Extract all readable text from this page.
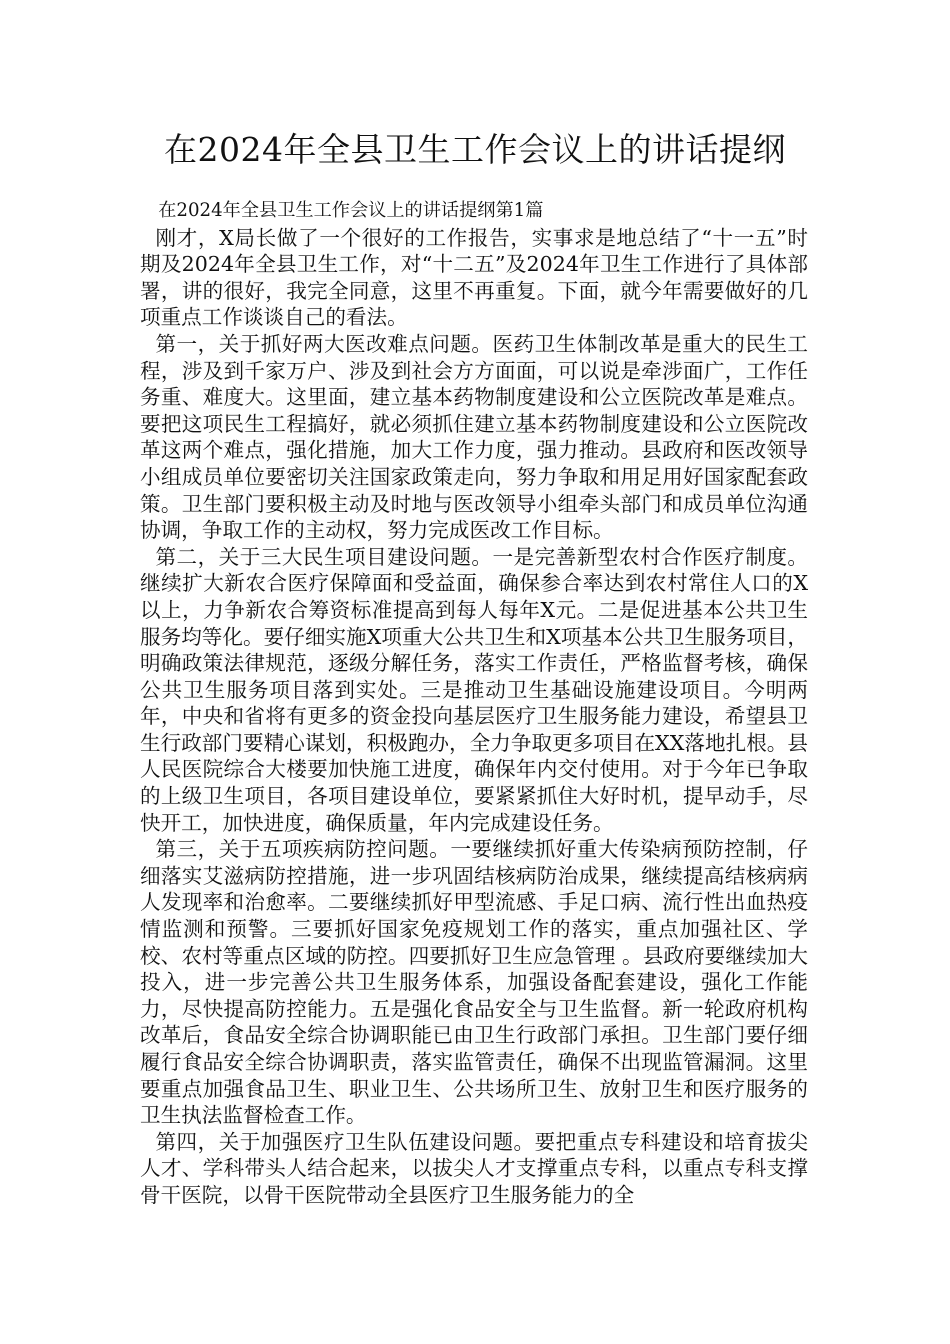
在2024年全县卫生工作会议上的讲话提纲

在2024年全县卫生工作会议上的讲话提纲第1篇

刚才，X局长做了一个很好的工作报告，实事求是地总结了“十一五”时期及2024年全县卫生工作，对“十二五”及2024年卫生工作进行了具体部署，讲的很好，我完全同意，这里不再重复。下面，就今年需要做好的几项重点工作谈谈自己的看法。

第一，关于抓好两大医改难点问题。医药卫生体制改革是重大的民生工程，涉及到千家万户、涉及到社会方方面面，可以说是牵涉面广，工作任务重、难度大。这里面，建立基本药物制度建设和公立医院改革是难点。要把这项民生工程搞好，就必须抓住建立基本药物制度建设和公立医院改革这两个难点，强化措施，加大工作力度，强力推动。县政府和医改领导小组成员单位要密切关注国家政策走向，努力争取和用足用好国家配套政策。卫生部门要积极主动及时地与医改领导小组牵头部门和成员单位沟通协调，争取工作的主动权，努力完成医改工作目标。

第二，关于三大民生项目建设问题。一是完善新型农村合作医疗制度。继续扩大新农合医疗保障面和受益面，确保参合率达到农村常住人口的X以上，力争新农合筹资标准提高到每人每年X元。二是促进基本公共卫生服务均等化。要仔细实施X项重大公共卫生和X项基本公共卫生服务项目，明确政策法律规范，逐级分解任务，落实工作责任，严格监督考核，确保公共卫生服务项目落到实处。三是推动卫生基础设施建设项目。今明两年，中央和省将有更多的资金投向基层医疗卫生服务能力建设，希望县卫生行政部门要精心谋划，积极跑办，全力争取更多项目在XX落地扎根。县人民医院综合大楼要加快施工进度，确保年内交付使用。对于今年已争取的上级卫生项目，各项目建设单位，要紧紧抓住大好时机，提早动手，尽快开工，加快进度，确保质量，年内完成建设任务。

第三，关于五项疾病防控问题。一要继续抓好重大传染病预防控制，仔细落实艾滋病防控措施，进一步巩固结核病防治成果，继续提高结核病病人发现率和治愈率。二要继续抓好甲型流感、手足口病、流行性出血热疫情监测和预警。三要抓好国家免疫规划工作的落实，重点加强社区、学校、农村等重点区域的防控。四要抓好卫生应急管理 。县政府要继续加大投入，进一步完善公共卫生服务体系，加强设备配套建设，强化工作能力，尽快提高防控能力。五是强化食品安全与卫生监督。新一轮政府机构改革后，食品安全综合协调职能已由卫生行政部门承担。卫生部门要仔细履行食品安全综合协调职责，落实监管责任，确保不出现监管漏洞。这里要重点加强食品卫生、职业卫生、公共场所卫生、放射卫生和医疗服务的卫生执法监督检查工作。

第四，关于加强医疗卫生队伍建设问题。要把重点专科建设和培育拔尖人才、学科带头人结合起来，以拔尖人才支撑重点专科，以重点专科支撑骨干医院，以骨干医院带动全县医疗卫生服务能力的全
